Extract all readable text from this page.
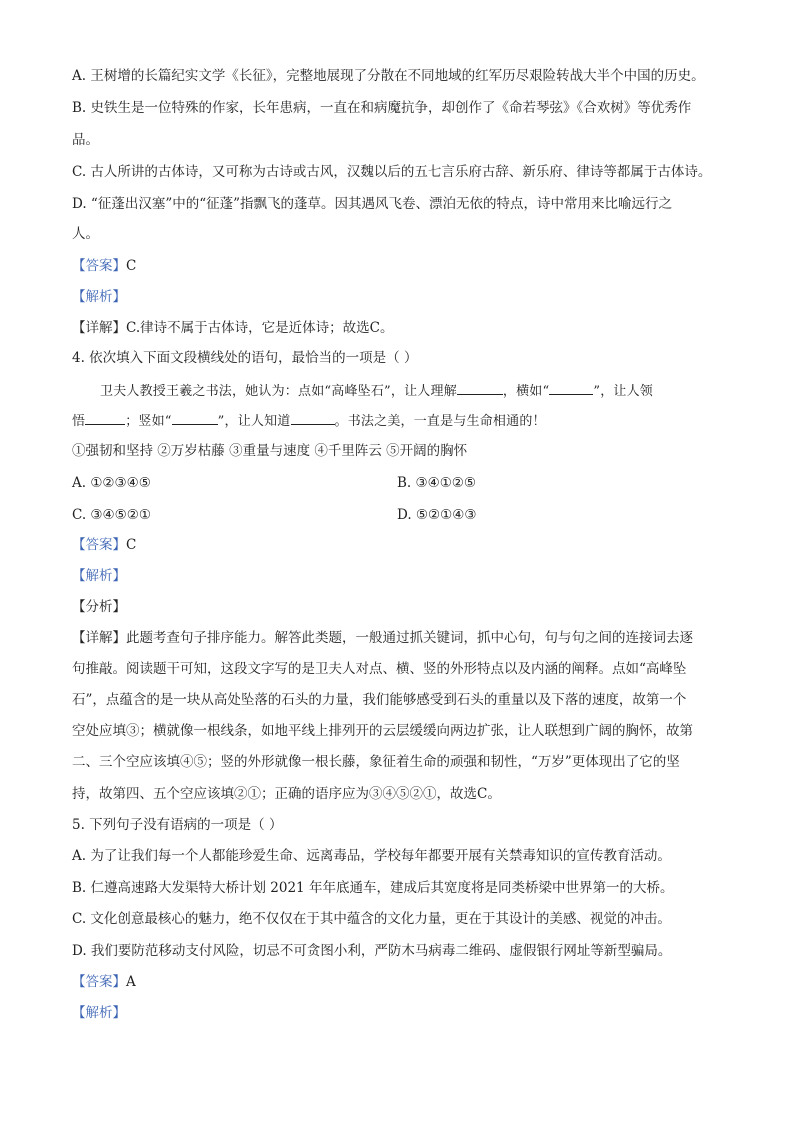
A. 王树增的长篇纪实文学《长征》，完整地展现了分散在不同地域的红军历尽艰险转战大半个中国的历史。
B. 史铁生是一位特殊的作家，长年患病，一直在和病魔抗争，却创作了《命若琴弦》《合欢树》等优秀作
品。
C. 古人所讲的古体诗，又可称为古诗或古风，汉魏以后的五七言乐府古辞、新乐府、律诗等都属于古体诗。
D. “征蓬出汉塞”中的“征蓬”指飘飞的蓬草。因其遇风飞卷、漂泊无依的特点，诗中常用来比喻远行之
人。
【答案】C
【解析】
【详解】C.律诗不属于古体诗，它是近体诗；故选C。
4. 依次填入下面文段横线处的语句，最恰当的一项是（ ）
卫夫人教授王羲之书法，她认为：点如“高峰坠石”，让人理解	，横如“	”，让人领
悟	；竖如“	”，让人知道	。书法之美，一直是与生命相通的！
①强韧和坚持 ②万岁枯藤 ③重量与速度 ④千里阵云 ⑤开阔的胸怀
A. ①②③④⑤	B. ③④①②⑤
C. ③④⑤②①	D. ⑤②①④③
【答案】C
【解析】
【分析】
【详解】此题考查句子排序能力。解答此类题，一般通过抓关键词，抓中心句，句与句之间的连接词去逐
句推敲。阅读题干可知，这段文字写的是卫夫人对点、横、竖的外形特点以及内涵的阐释。点如“高峰坠
石”，点蕴含的是一块从高处坠落的石头的力量，我们能够感受到石头的重量以及下落的速度，故第一个
空处应填③；横就像一根线条，如地平线上排列开的云层缓缓向两边扩张，让人联想到广阔的胸怀，故第
二、三个空应该填④⑤；竖的外形就像一根长藤，象征着生命的顽强和韧性，“万岁”更体现出了它的坚
持，故第四、五个空应该填②①；正确的语序应为③④⑤②①，故选C。
5. 下列句子没有语病的一项是（ ）
A. 为了让我们每一个人都能珍爱生命、远离毒品，学校每年都要开展有关禁毒知识的宣传教育活动。
B. 仁遵高速路大发渠特大桥计划 2021 年年底通车，建成后其宽度将是同类桥梁中世界第一的大桥。
C. 文化创意最核心的魅力，绝不仅仅在于其中蕴含的文化力量，更在于其设计的美感、视觉的冲击。
D. 我们要防范移动支付风险，切忌不可贪图小利，严防木马病毒二维码、虚假银行网址等新型骗局。
【答案】A
【解析】
